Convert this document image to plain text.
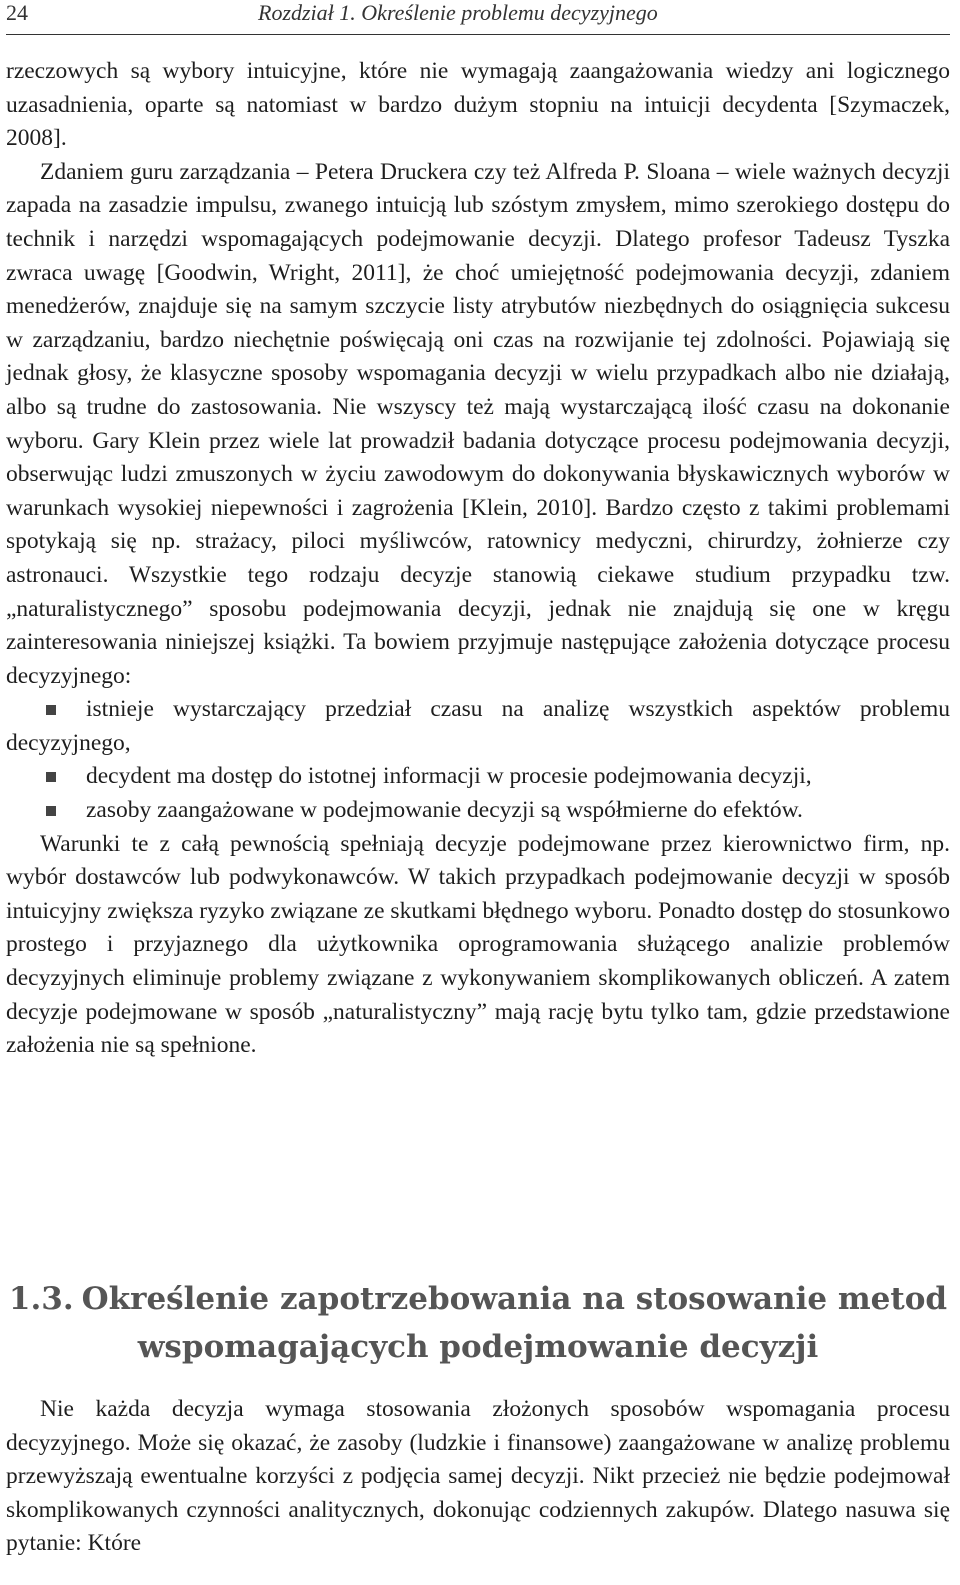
24	Rozdział 1. Określenie problemu decyzyjnego

rzeczowych są wybory intuicyjne, które nie wymagają zaangażowania wiedzy ani logicznego uzasadnienia, oparte są natomiast w bardzo dużym stopniu na intuicji decydenta [Szymaczek, 2008].

Zdaniem guru zarządzania – Petera Druckera czy też Alfreda P. Sloana – wiele ważnych decyzji zapada na zasadzie impulsu, zwanego intuicją lub szóstym zmysłem, mimo szerokiego dostępu do technik i narzędzi wspomagających podejmowanie decyzji. Dlatego profesor Tadeusz Tyszka zwraca uwagę [Goodwin, Wright, 2011], że choć umiejętność podejmowania decyzji, zdaniem menedżerów, znajduje się na samym szczycie listy atrybutów niezbędnych do osiągnięcia sukcesu w zarządzaniu, bardzo niechętnie poświęcają oni czas na rozwijanie tej zdolności. Pojawiają się jednak głosy, że klasyczne sposoby wspomagania decyzji w wielu przypadkach albo nie działają, albo są trudne do zastosowania. Nie wszyscy też mają wystarczającą ilość czasu na dokonanie wyboru. Gary Klein przez wiele lat prowadził badania dotyczące procesu podejmowania decyzji, obserwując ludzi zmuszonych w życiu zawodowym do dokonywania błyskawicznych wyborów w warunkach wysokiej niepewności i zagrożenia [Klein, 2010]. Bardzo często z takimi problemami spotykają się np. strażacy, piloci myśliwców, ratownicy medyczni, chirurdzy, żołnierze czy astronauci. Wszystkie tego rodzaju decyzje stanowią ciekawe studium przypadku tzw. „naturalistycznego” sposobu podejmowania decyzji, jednak nie znajdują się one w kręgu zainteresowania niniejszej książki. Ta bowiem przyjmuje następujące założenia dotyczące procesu decyzyjnego:

istnieje wystarczający przedział czasu na analizę wszystkich aspektów problemu decyzyjnego,
decydent ma dostęp do istotnej informacji w procesie podejmowania decyzji,
zasoby zaangażowane w podejmowanie decyzji są współmierne do efektów.

Warunki te z całą pewnością spełniają decyzje podejmowane przez kierownictwo firm, np. wybór dostawców lub podwykonawców. W takich przypadkach podejmowanie decyzji w sposób intuicyjny zwiększa ryzyko związane ze skutkami błędnego wyboru. Ponadto dostęp do stosunkowo prostego i przyjaznego dla użytkownika oprogramowania służącego analizie problemów decyzyjnych eliminuje problemy związane z wykonywaniem skomplikowanych obliczeń. A zatem decyzje podejmowane w sposób „naturalistyczny” mają rację bytu tylko tam, gdzie przedstawione założenia nie są spełnione.

1.3. Określenie zapotrzebowania na stosowanie metod
wspomagających podejmowanie decyzji

Nie każda decyzja wymaga stosowania złożonych sposobów wspomagania procesu decyzyjnego. Może się okazać, że zasoby (ludzkie i finansowe) zaangażowane w analizę problemu przewyższają ewentualne korzyści z podjęcia samej decyzji. Nikt przecież nie będzie podejmował skomplikowanych czynności analitycznych, dokonując codziennych zakupów. Dlatego nasuwa się pytanie: Które
